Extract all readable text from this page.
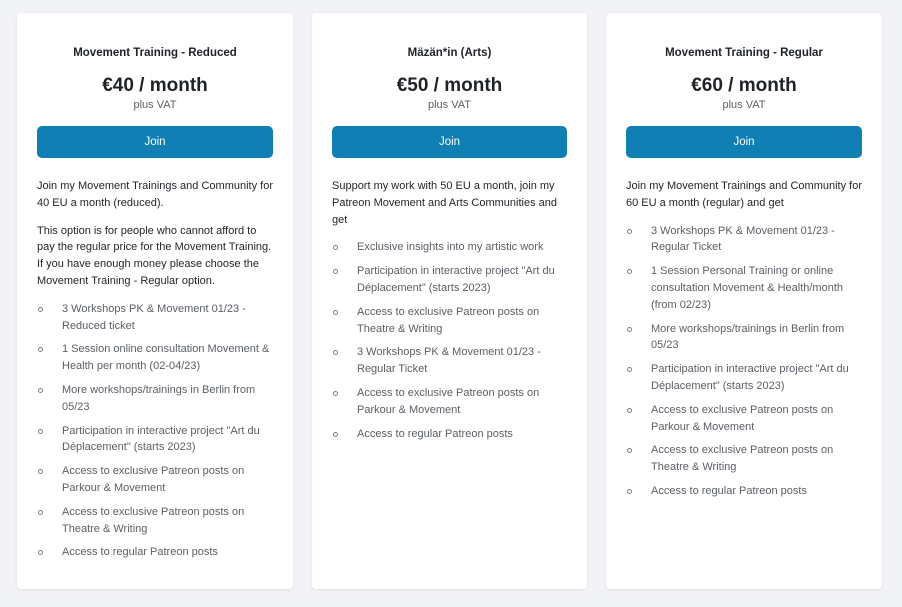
Movement Training - Reduced
€40 / month
plus VAT
Join

Join my Movement Trainings and Community for 40 EU a month (reduced).

This option is for people who cannot afford to pay the regular price for the Movement Training. If you have enough money please choose the Movement Training - Regular option.

3 Workshops PK & Movement 01/23 - Reduced ticket
1 Session online consultation Movement & Health per month (02-04/23)
More workshops/trainings in Berlin from 05/23
Participation in interactive project "Art du Déplacement" (starts 2023)
Access to exclusive Patreon posts on Parkour & Movement
Access to exclusive Patreon posts on Theatre & Writing
Access to regular Patreon posts
Mäzän*in (Arts)
€50 / month
plus VAT
Join

Support my work with 50 EU a month, join my Patreon Movement and Arts Communities and get

Exclusive insights into my artistic work
Participation in interactive project "Art du Déplacement" (starts 2023)
Access to exclusive Patreon posts on Theatre & Writing
3 Workshops PK & Movement 01/23 - Regular Ticket
Access to exclusive Patreon posts on Parkour & Movement
Access to regular Patreon posts
Movement Training - Regular
€60 / month
plus VAT
Join

Join my Movement Trainings and Community for 60 EU a month (regular) and get

3 Workshops PK & Movement 01/23 - Regular Ticket
1 Session Personal Training or online consultation Movement & Health/month (from 02/23)
More workshops/trainings in Berlin from 05/23
Participation in interactive project "Art du Déplacement" (starts 2023)
Access to exclusive Patreon posts on Parkour & Movement
Access to exclusive Patreon posts on Theatre & Writing
Access to regular Patreon posts
